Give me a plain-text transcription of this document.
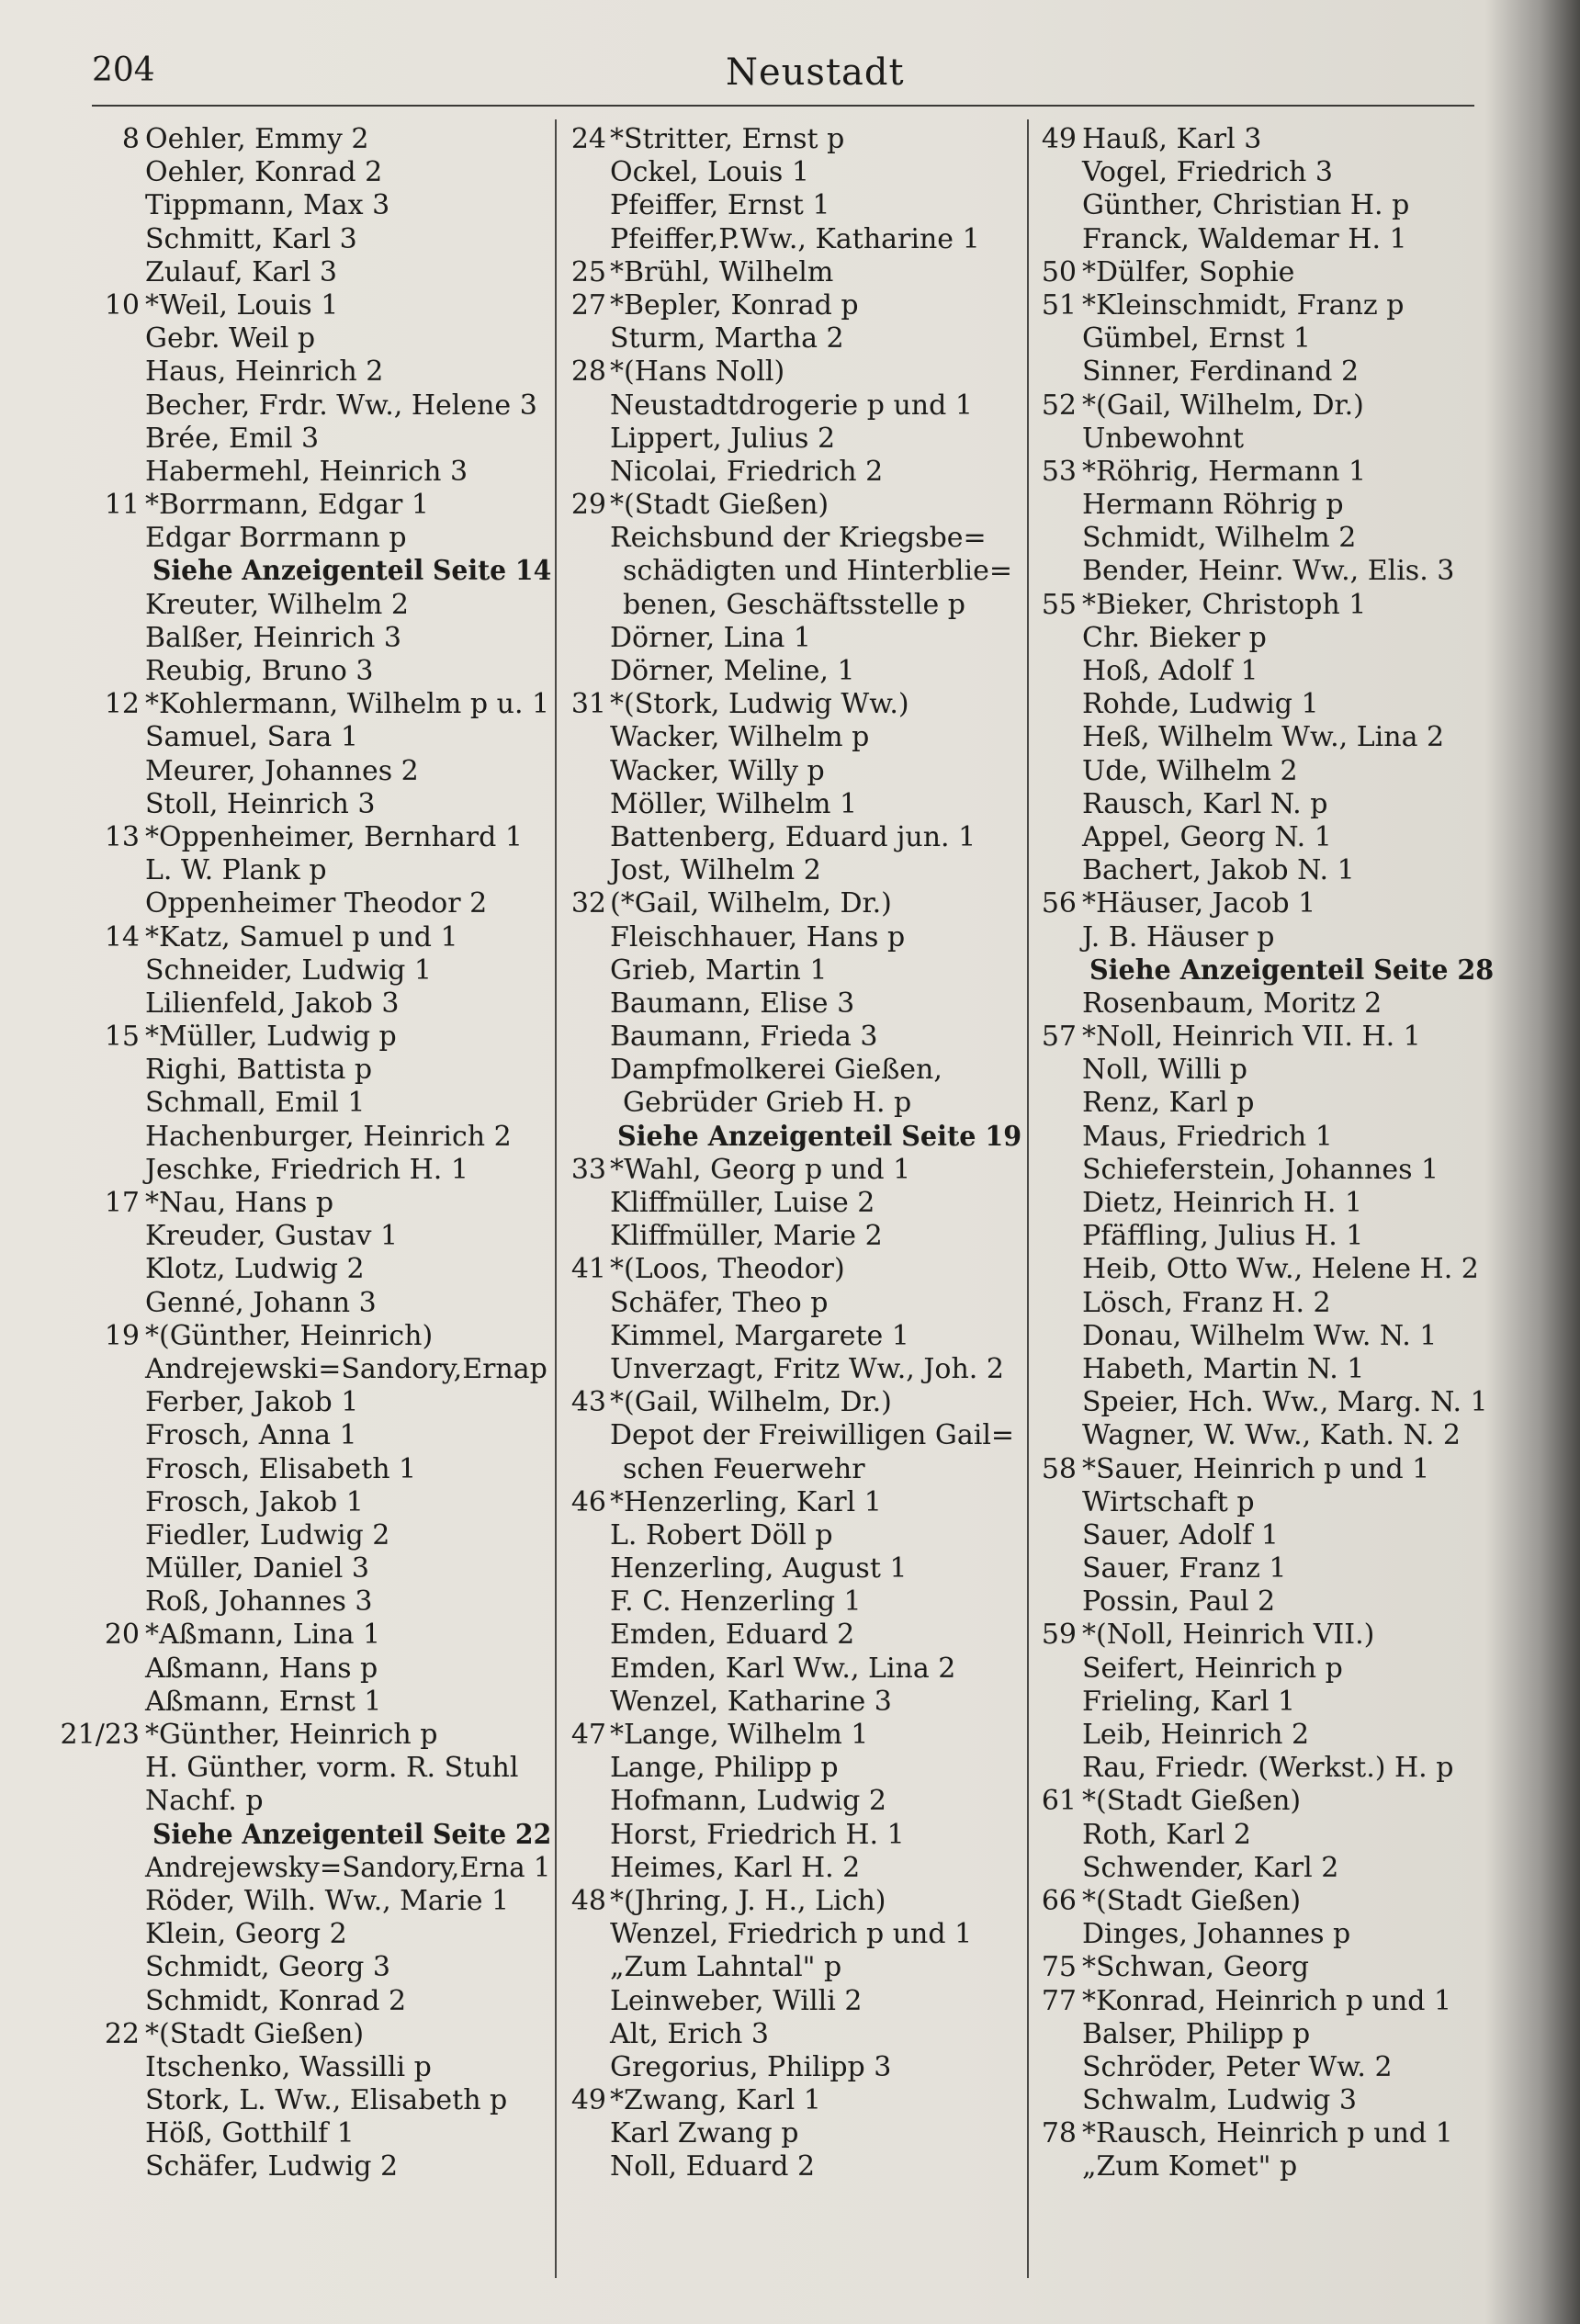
204	Neustadt
8 Oehler, Emmy 2
Oehler, Konrad 2
Tippmann, Max 3
Schmitt, Karl 3
Zulauf, Karl 3
10 *Weil, Louis 1
Gebr. Weil p
Haus, Heinrich 2
Becher, Frdr. Ww., Helene 3
Brée, Emil 3
Habermehl, Heinrich 3
11 *Borrmann, Edgar 1
Edgar Borrmann p
Siehe Anzeigenteil Seite 14
Kreuter, Wilhelm 2
Balßer, Heinrich 3
Reubig, Bruno 3
12 *Kohlermann, Wilhelm p u. 1
Samuel, Sara 1
Meurer, Johannes 2
Stoll, Heinrich 3
13 *Oppenheimer, Bernhard 1
L. W. Plank p
Oppenheimer Theodor 2
14 *Katz, Samuel p und 1
Schneider, Ludwig 1
Lilienfeld, Jakob 3
15 *Müller, Ludwig p
Righi, Battista p
Schmall, Emil 1
Hachenburger, Heinrich 2
Jeschke, Friedrich H. 1
17 *Nau, Hans p
Kreuder, Gustav 1
Klotz, Ludwig 2
Genné, Johann 3
19 *(Günther, Heinrich)
Andrejewski=Sandory,Ernap
Ferber, Jakob 1
Frosch, Anna 1
Frosch, Elisabeth 1
Frosch, Jakob 1
Fiedler, Ludwig 2
Müller, Daniel 3
Roß, Johannes 3
20 *Aßmann, Lina 1
Aßmann, Hans p
Aßmann, Ernst 1
21/23 *Günther, Heinrich p
H. Günther, vorm. R. Stuhl
Nachf. p
Siehe Anzeigenteil Seite 22
Andrejewsky=Sandory,Erna 1
Röder, Wilh. Ww., Marie 1
Klein, Georg 2
Schmidt, Georg 3
Schmidt, Konrad 2
22 *(Stadt Gießen)
Itschenko, Wassilli p
Stork, L. Ww., Elisabeth p
Höß, Gotthilf 1
Schäfer, Ludwig 2
24 *Stritter, Ernst p
Ockel, Louis 1
Pfeiffer, Ernst 1
Pfeiffer,P.Ww., Katharine 1
25 *Brühl, Wilhelm
27 *Bepler, Konrad p
Sturm, Martha 2
28 *(Hans Noll)
Neustadtdrogerie p und 1
Lippert, Julius 2
Nicolai, Friedrich 2
29 *(Stadt Gießen)
Reichsbund der Kriegsbe=
schädigten und Hinterblie=
benen, Geschäftsstelle p
Dörner, Lina 1
Dörner, Meline, 1
31 *(Stork, Ludwig Ww.)
Wacker, Wilhelm p
Wacker, Willy p
Möller, Wilhelm 1
Battenberg, Eduard jun. 1
Jost, Wilhelm 2
32 (*Gail, Wilhelm, Dr.)
Fleischhauer, Hans p
Grieb, Martin 1
Baumann, Elise 3
Baumann, Frieda 3
Dampfmolkerei Gießen,
Gebrüder Grieb H. p
Siehe Anzeigenteil Seite 19
33 *Wahl, Georg p und 1
Kliffmüller, Luise 2
Kliffmüller, Marie 2
41 *(Loos, Theodor)
Schäfer, Theo p
Kimmel, Margarete 1
Unverzagt, Fritz Ww., Joh. 2
43 *(Gail, Wilhelm, Dr.)
Depot der Freiwilligen Gail=
schen Feuerwehr
46 *Henzerling, Karl 1
L. Robert Döll p
Henzerling, August 1
F. C. Henzerling 1
Emden, Eduard 2
Emden, Karl Ww., Lina 2
Wenzel, Katharine 3
47 *Lange, Wilhelm 1
Lange, Philipp p
Hofmann, Ludwig 2
Horst, Friedrich H. 1
Heimes, Karl H. 2
48 *(Jhring, J. H., Lich)
Wenzel, Friedrich p und 1
„Zum Lahntal" p
Leinweber, Willi 2
Alt, Erich 3
Gregorius, Philipp 3
49 *Zwang, Karl 1
Karl Zwang p
Noll, Eduard 2
49 Hauß, Karl 3
Vogel, Friedrich 3
Günther, Christian H. p
Franck, Waldemar H. 1
50 *Dülfer, Sophie
51 *Kleinschmidt, Franz p
Gümbel, Ernst 1
Sinner, Ferdinand 2
52 *(Gail, Wilhelm, Dr.)
Unbewohnt
53 *Röhrig, Hermann 1
Hermann Röhrig p
Schmidt, Wilhelm 2
Bender, Heinr. Ww., Elis. 3
55 *Bieker, Christoph 1
Chr. Bieker p
Hoß, Adolf 1
Rohde, Ludwig 1
Heß, Wilhelm Ww., Lina 2
Ude, Wilhelm 2
Rausch, Karl N. p
Appel, Georg N. 1
Bachert, Jakob N. 1
56 *Häuser, Jacob 1
J. B. Häuser p
Siehe Anzeigenteil Seite 28
Rosenbaum, Moritz 2
57 *Noll, Heinrich VII. H. 1
Noll, Willi p
Renz, Karl p
Maus, Friedrich 1
Schieferstein, Johannes 1
Dietz, Heinrich H. 1
Pfäffling, Julius H. 1
Heib, Otto Ww., Helene H. 2
Lösch, Franz H. 2
Donau, Wilhelm Ww. N. 1
Habeth, Martin N. 1
Speier, Hch. Ww., Marg. N. 1
Wagner, W. Ww., Kath. N. 2
58 *Sauer, Heinrich p und 1
Wirtschaft p
Sauer, Adolf 1
Sauer, Franz 1
Possin, Paul 2
59 *(Noll, Heinrich VII.)
Seifert, Heinrich p
Frieling, Karl 1
Leib, Heinrich 2
Rau, Friedr. (Werkst.) H. p
61 *(Stadt Gießen)
Roth, Karl 2
Schwender, Karl 2
66 *(Stadt Gießen)
Dinges, Johannes p
75 *Schwan, Georg
77 *Konrad, Heinrich p und 1
Balser, Philipp p
Schröder, Peter Ww. 2
Schwalm, Ludwig 3
78 *Rausch, Heinrich p und 1
„Zum Komet" p
